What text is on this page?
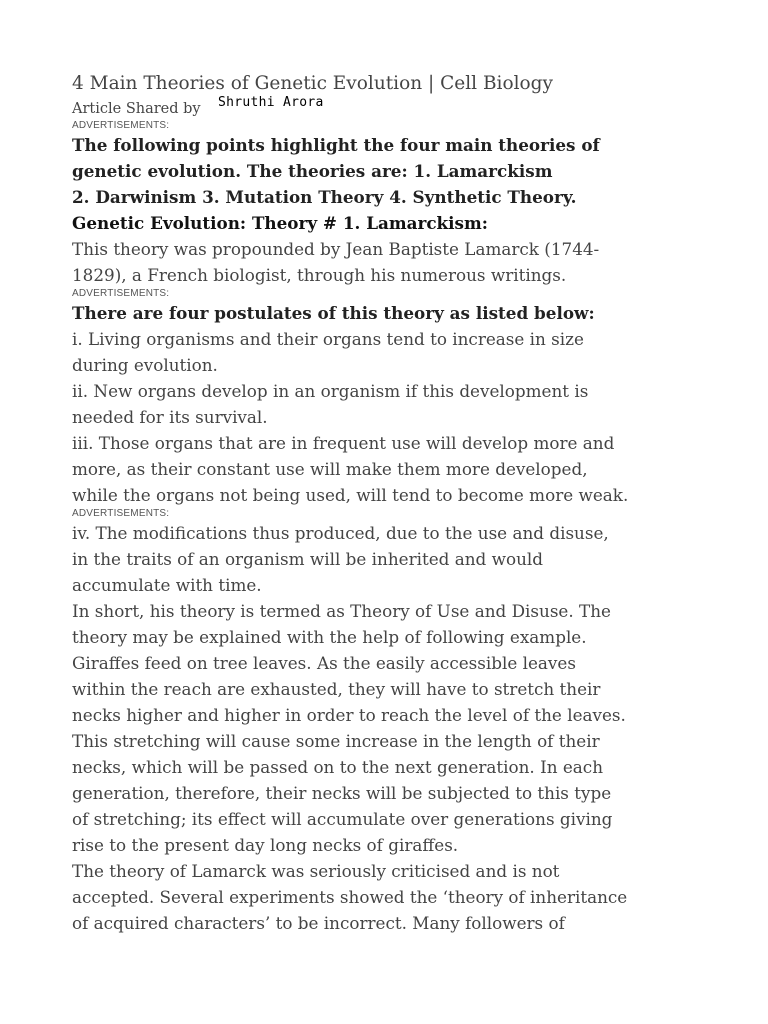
4 Main Theories of Genetic Evolution | Cell Biology
Article Shared by Shruthi Arora

ADVERTISEMENTS:

The following points highlight the four main theories of
genetic evolution. The theories are: 1. Lamarckism
2. Darwinism 3. Mutation Theory 4. Synthetic Theory.

Genetic Evolution: Theory # 1. Lamarckism:

This theory was propounded by Jean Baptiste Lamarck (1744-
1829), a French biologist, through his numerous writings.

ADVERTISEMENTS:

There are four postulates of this theory as listed below:

i. Living organisms and their organs tend to increase in size
during evolution.
ii. New organs develop in an organism if this development is
needed for its survival.
iii. Those organs that are in frequent use will develop more and
more, as their constant use will make them more developed,
while the organs not being used, will tend to become more weak.

ADVERTISEMENTS:

iv. The modifications thus produced, due to the use and disuse,
in the traits of an organism will be inherited and would
accumulate with time.
In short, his theory is termed as Theory of Use and Disuse. The
theory may be explained with the help of following example.
Giraffes feed on tree leaves. As the easily accessible leaves
within the reach are exhausted, they will have to stretch their
necks higher and higher in order to reach the level of the leaves.
This stretching will cause some increase in the length of their
necks, which will be passed on to the next generation. In each
generation, therefore, their necks will be subjected to this type
of stretching; its effect will accumulate over generations giving
rise to the present day long necks of giraffes.
The theory of Lamarck was seriously criticised and is not
accepted. Several experiments showed the ‘theory of inheritance
of acquired characters’ to be incorrect. Many followers of
